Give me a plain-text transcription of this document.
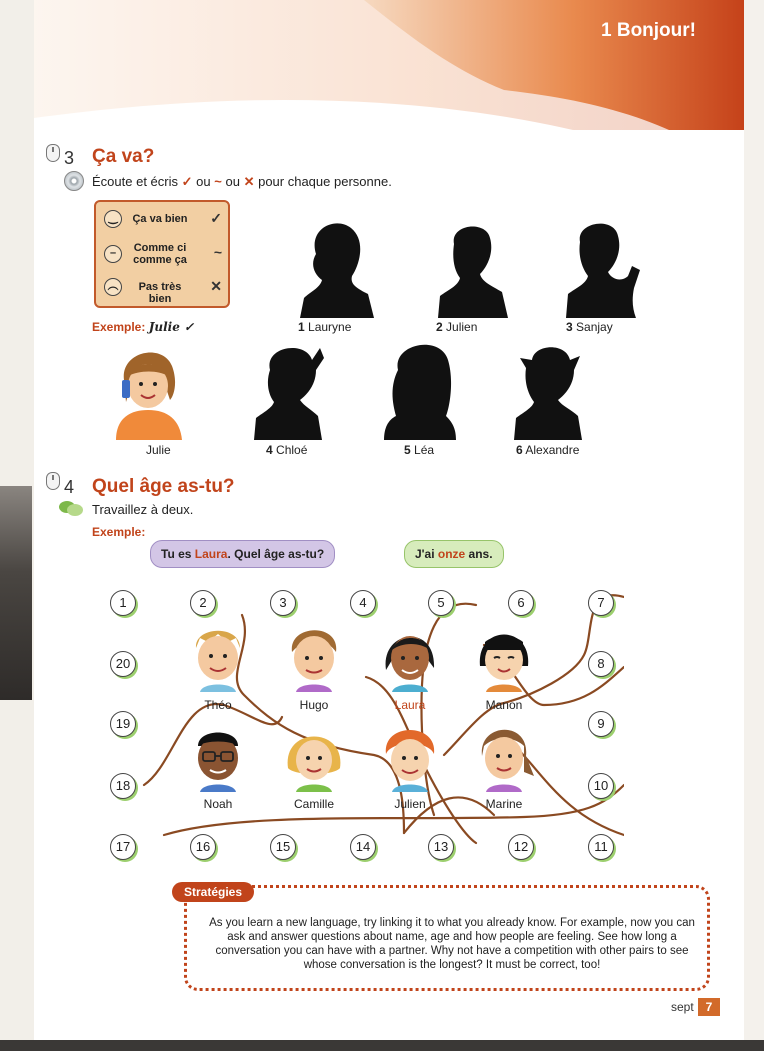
1 Bonjour!
3 Ça va?
Écoute et écris ✓ ou ~ ou ✕ pour chaque personne.
‿	Ça va bien ✓
–	Comme ci comme ça ~
︵	Pas très bien
✕
Exemple: Julie ✓	1 Lauryne	2 Julien	3 Sanjay
Julie	4 Chloé	5 Léa	6 Alexandre
4 Quel âge as-tu?
Travaillez à deux.
Exemple:
Tu es Laura. Quel âge as-tu?	J'ai onze ans.
1	2	3	4	5	6	7
8
9
10
11
12
13
14
15
16
17
18
19
20
Théo	Hugo	Laura	Manon
Noah	Camille	Julien	Marine
Stratégies
As you learn a new language, try linking it to what you already know. For example, now you can ask and answer questions about name, age and how people are feeling. See how long a conversation you can have with a partner. Why not have a competition with other pairs to see whose conversation is the longest? It must be correct, too!
sept 7
